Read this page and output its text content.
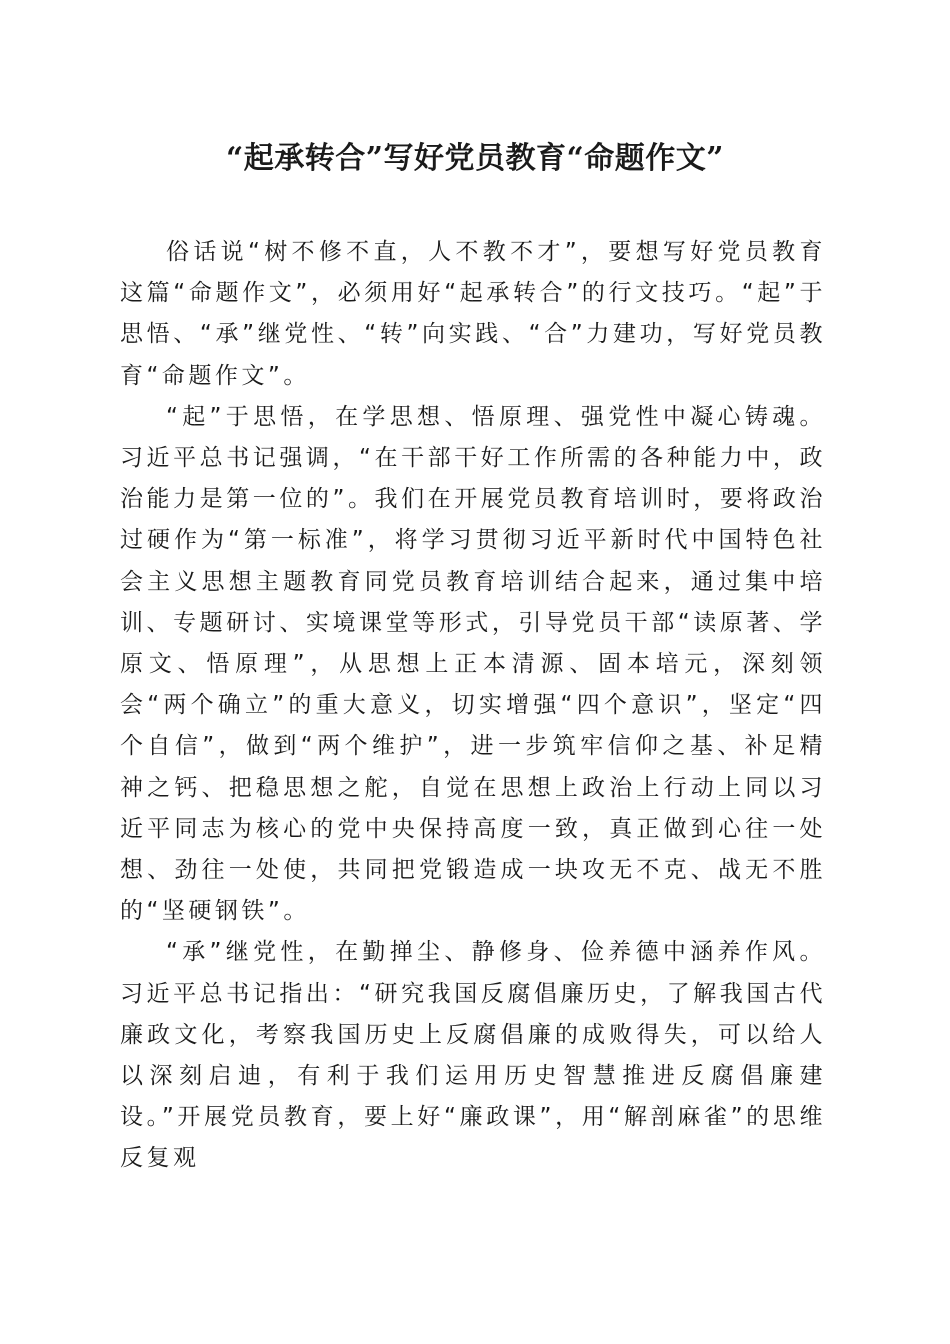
“起承转合”写好党员教育“命题作文”

俗话说“树不修不直，人不教不才”，要想写好党员教育这篇“命题作文”，必须用好“起承转合”的行文技巧。“起”于思悟、“承”继党性、“转”向实践、“合”力建功，写好党员教育“命题作文”。

“起”于思悟，在学思想、悟原理、强党性中凝心铸魂。习近平总书记强调，“在干部干好工作所需的各种能力中，政治能力是第一位的”。我们在开展党员教育培训时，要将政治过硬作为“第一标准”，将学习贯彻习近平新时代中国特色社会主义思想主题教育同党员教育培训结合起来，通过集中培训、专题研讨、实境课堂等形式，引导党员干部“读原著、学原文、悟原理”，从思想上正本清源、固本培元，深刻领会“两个确立”的重大意义，切实增强“四个意识”，坚定“四个自信”，做到“两个维护”，进一步筑牢信仰之基、补足精神之钙、把稳思想之舵，自觉在思想上政治上行动上同以习近平同志为核心的党中央保持高度一致，真正做到心往一处想、劲往一处使，共同把党锻造成一块攻无不克、战无不胜的“坚硬钢铁”。

“承”继党性，在勤掸尘、静修身、俭养德中涵养作风。习近平总书记指出：“研究我国反腐倡廉历史，了解我国古代廉政文化，考察我国历史上反腐倡廉的成败得失，可以给人以深刻启迪，有利于我们运用历史智慧推进反腐倡廉建设。”开展党员教育，要上好“廉政课”，用“解剖麻雀”的思维反复观
